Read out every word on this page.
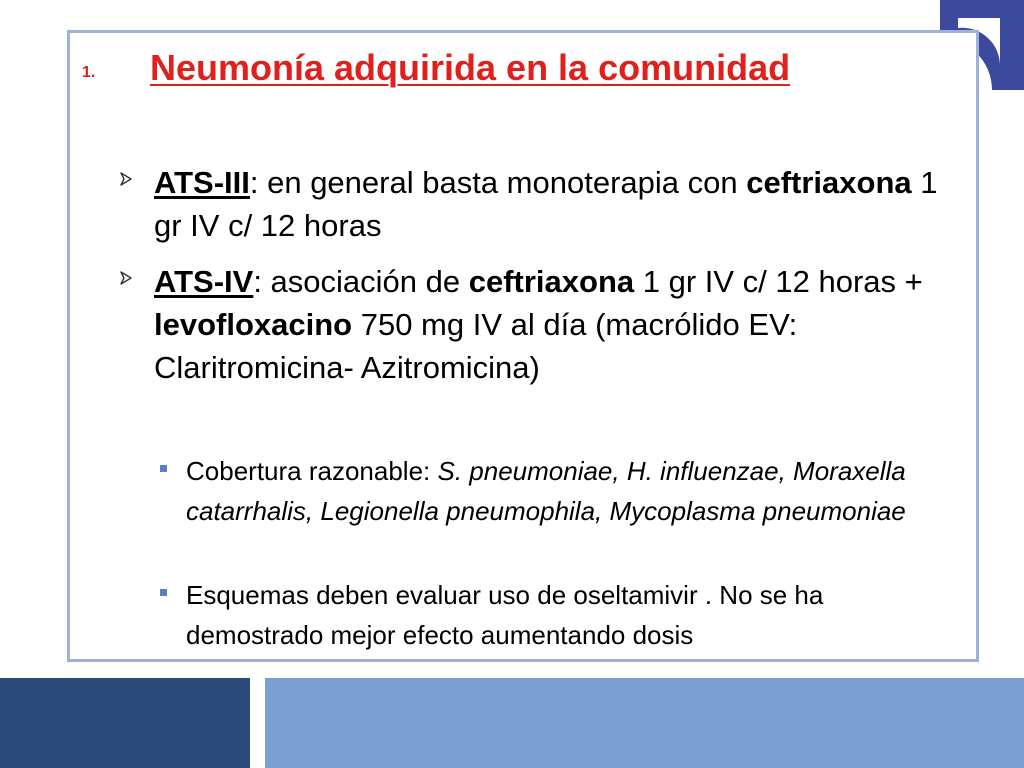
1. Neumonía adquirida en la comunidad
ATS-III: en general basta monoterapia con ceftriaxona 1 gr IV c/ 12 horas
ATS-IV: asociación de ceftriaxona 1 gr IV c/ 12 horas + levofloxacino 750 mg IV al día (macrólido EV: Claritromicina- Azitromicina)
Cobertura razonable: S. pneumoniae, H. influenzae, Moraxella catarrhalis, Legionella pneumophila, Mycoplasma pneumoniae
Esquemas deben evaluar uso de oseltamivir . No se ha demostrado mejor efecto aumentando dosis
